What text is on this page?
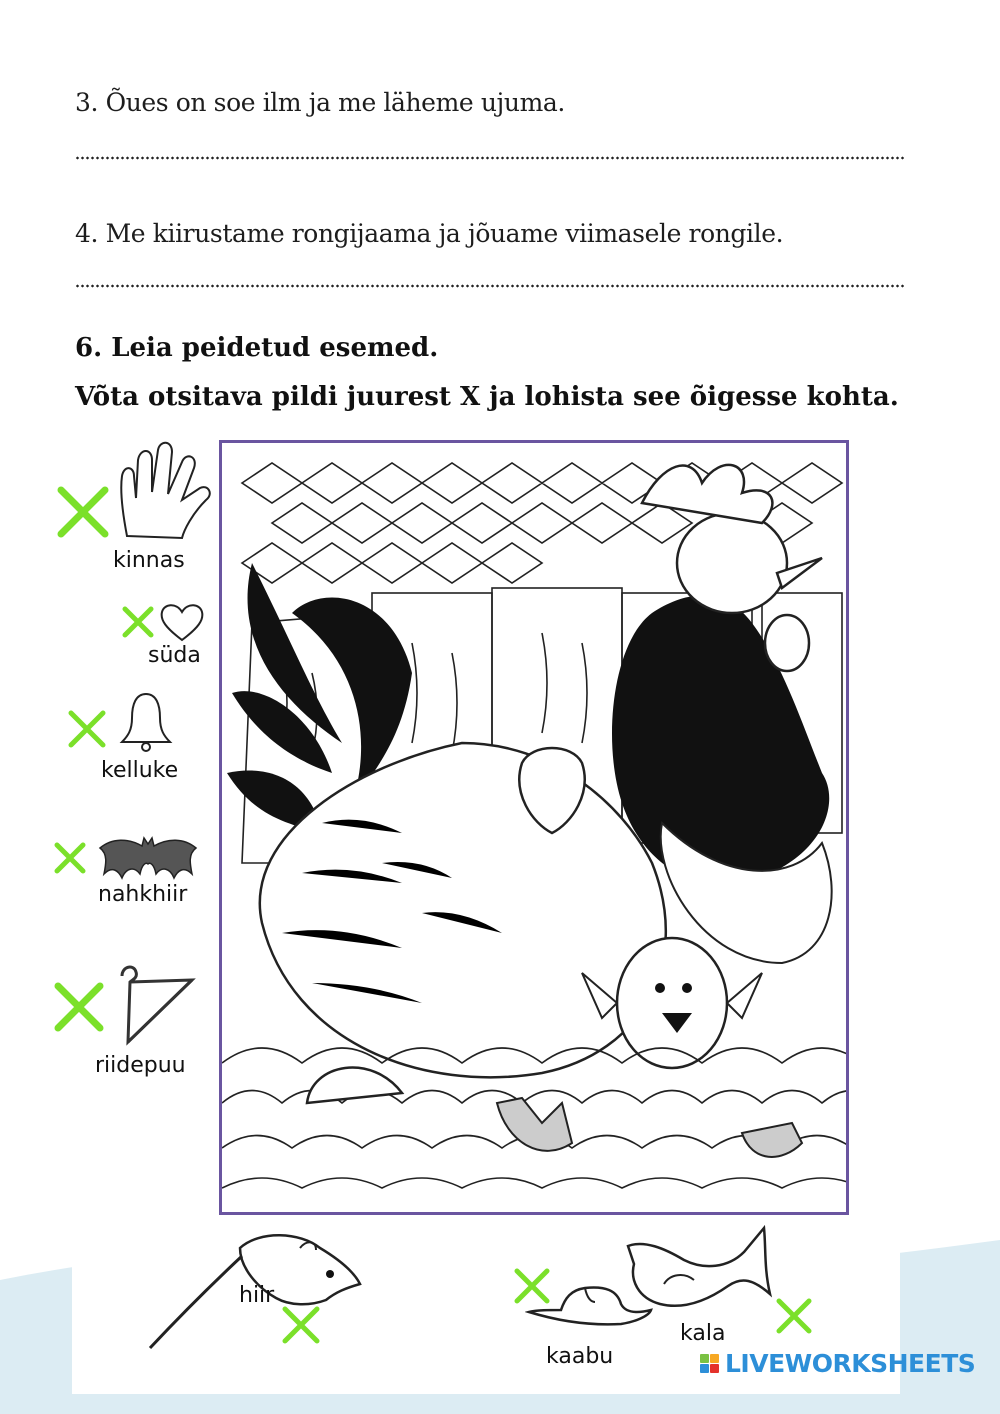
3. Õues on soe ilm ja me läheme ujuma.
4. Me kiirustame rongijaama ja jõuame viimasele rongile.
6. Leia peidetud esemed.
Võta otsitava pildi juurest X ja lohista see õigesse kohta.
kinnas
süda
kelluke
nahkhiir
riidepuu
hiir
kaabu
kala
LIVEWORKSHEETS
